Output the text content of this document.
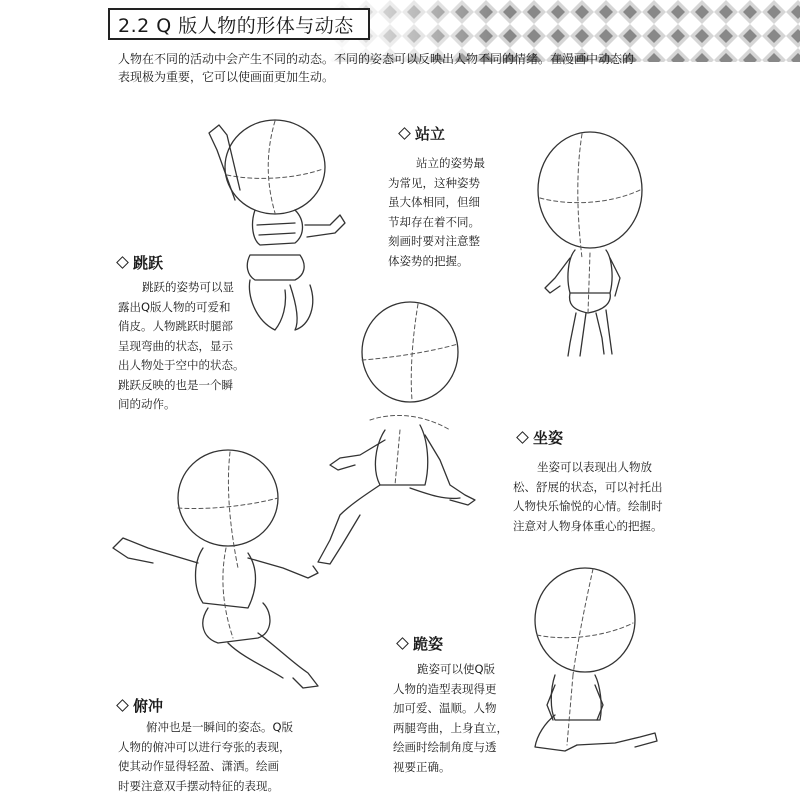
2.2 Q 版人物的形体与动态
人物在不同的活动中会产生不同的动态。不同的姿态可以反映出人物不同的情绪。在漫画中动态的
表现极为重要，它可以使画面更加生动。
跳跃

跳跃的姿势可以显

露出Q版人物的可爱和

俏皮。人物跳跃时腿部

呈现弯曲的状态，显示

出人物处于空中的状态。

跳跃反映的也是一个瞬

间的动作。

站立

站立的姿势最

为常见，这种姿势

虽大体相同，但细

节却存在着不同。

刻画时要对注意整

体姿势的把握。

坐姿

坐姿可以表现出人物放

松、舒展的状态，可以衬托出

人物快乐愉悦的心情。绘制时

注意对人物身体重心的把握。

俯冲

俯冲也是一瞬间的姿态。Q版

人物的俯冲可以进行夸张的表现，

使其动作显得轻盈、潇洒。绘画

时要注意双手摆动特征的表现。

跪姿

跪姿可以使Q版

人物的造型表现得更

加可爱、温顺。人物

两腿弯曲，上身直立，

绘画时绘制角度与透

视要正确。
